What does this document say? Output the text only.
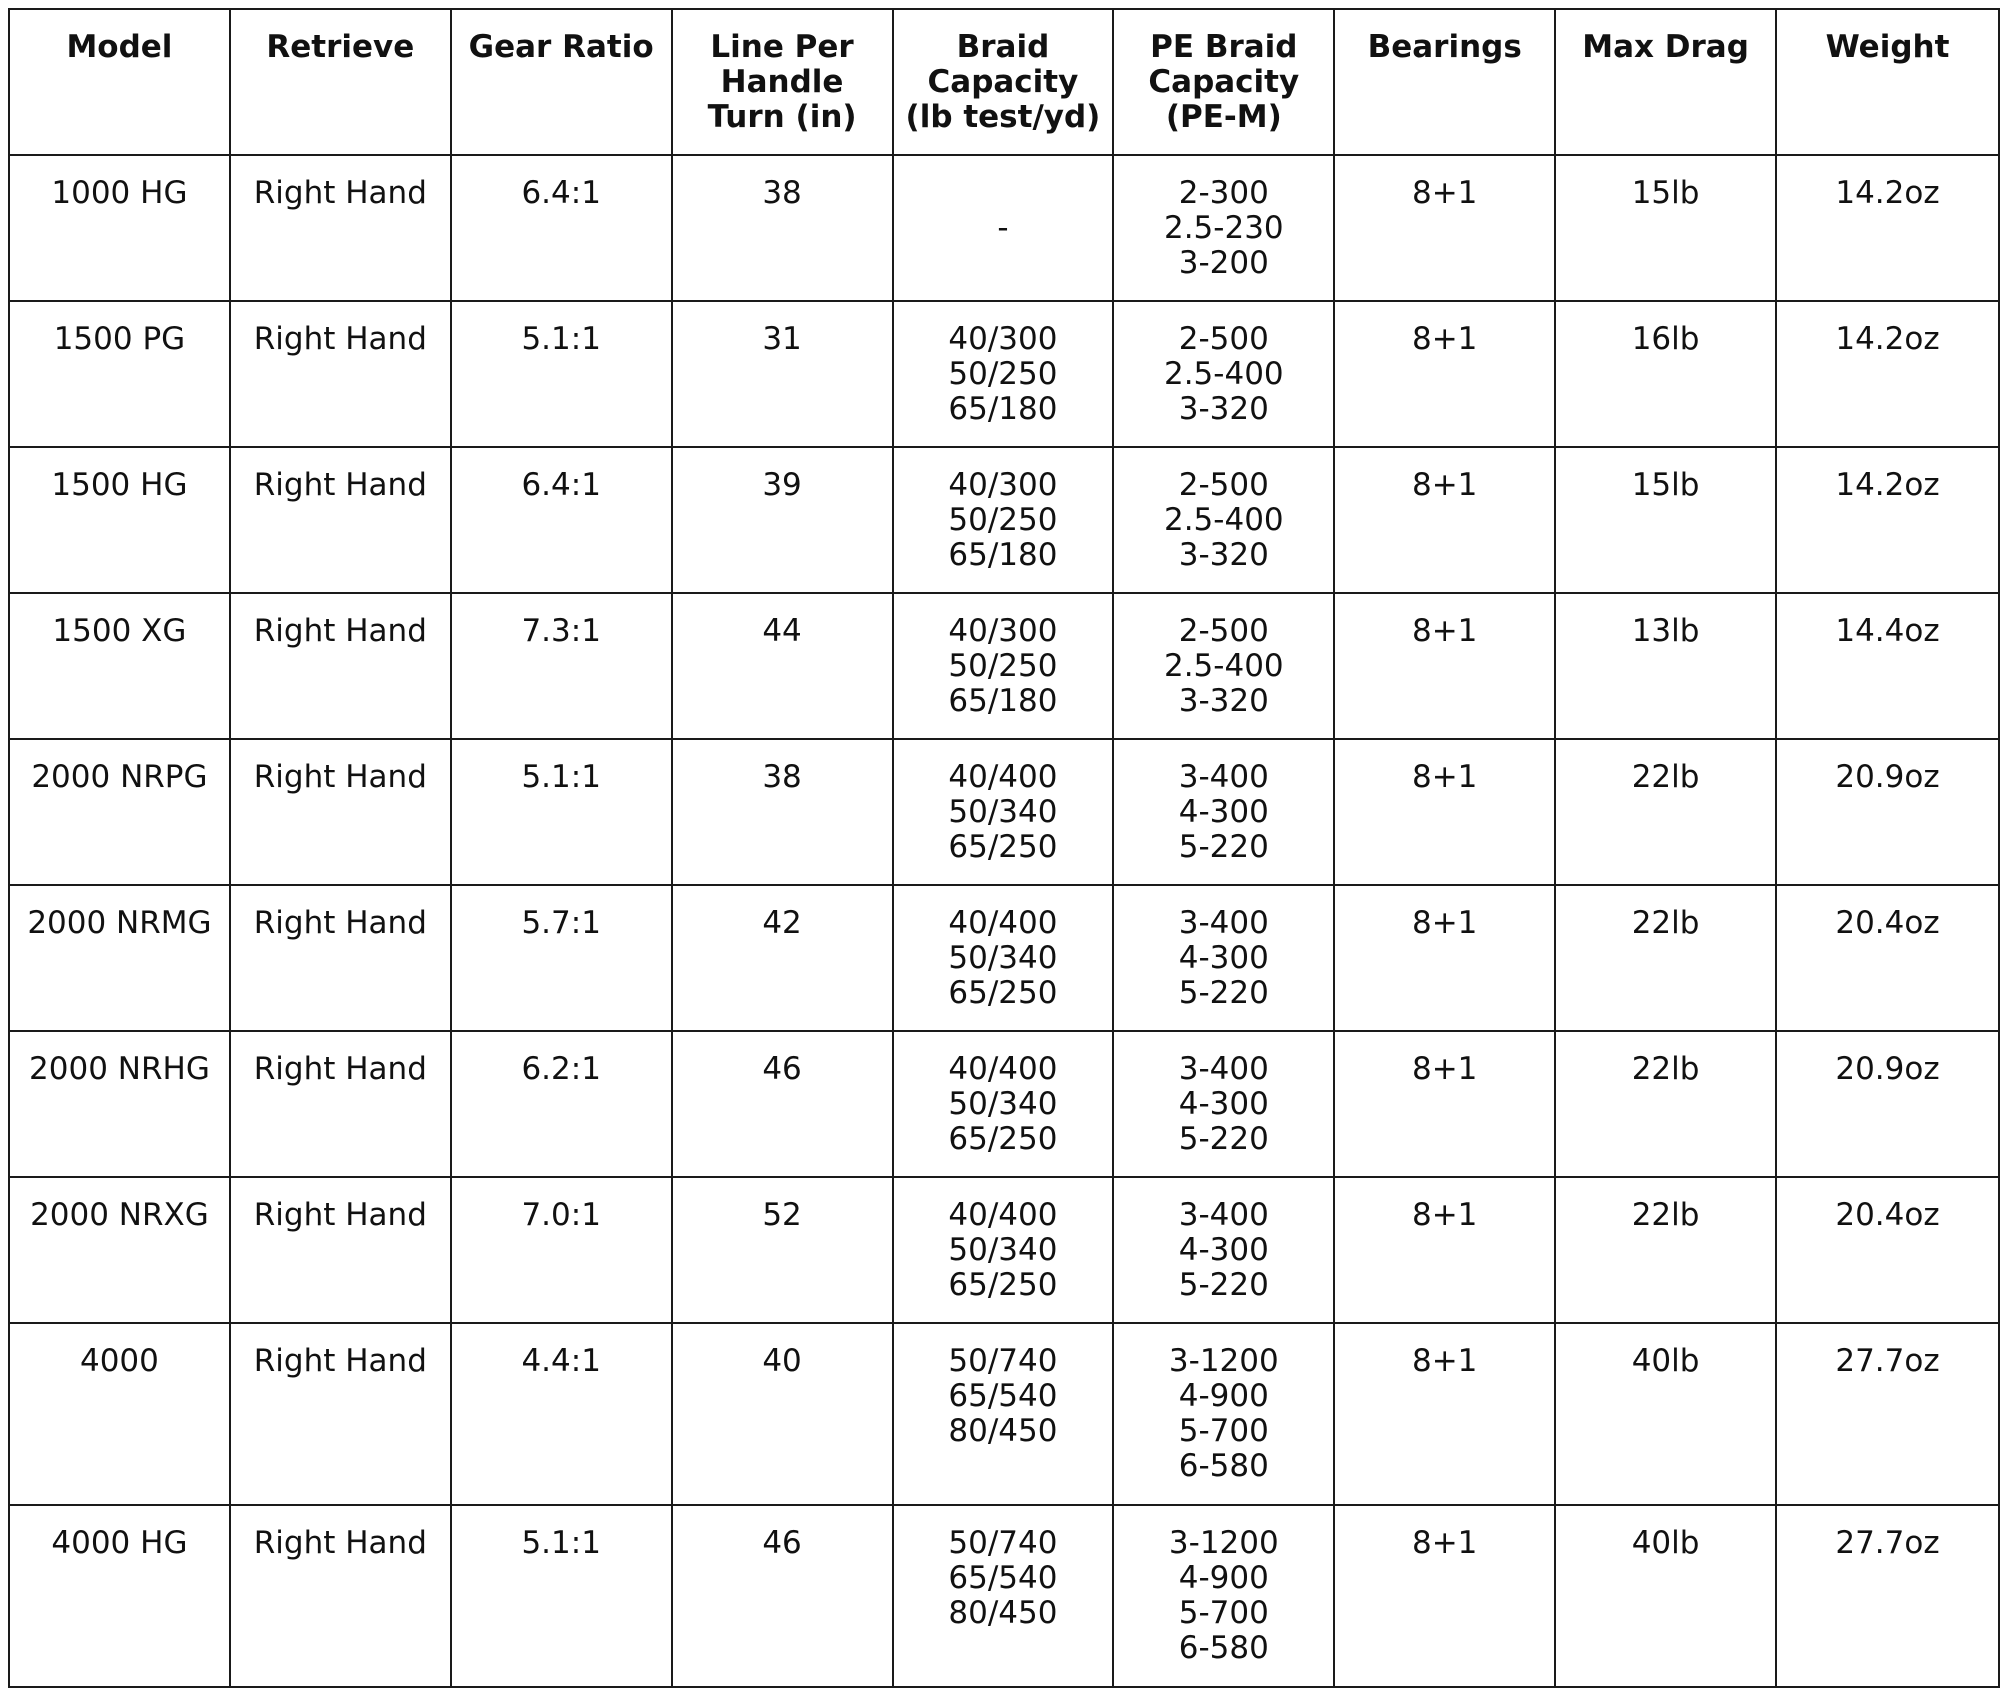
Model	Retrieve	Gear Ratio	Line Per
Handle
Turn (in)	Braid
Capacity
(lb test/yd)	PE Braid
Capacity
(PE-M)	Bearings	Max Drag	Weight

1000 HG	Right Hand	6.4:1	38	-	2-300
2.5-230
3-200	8+1	15lb	14.2oz
1500 PG	Right Hand	5.1:1	31	40/300
50/250
65/180	2-500
2.5-400
3-320	8+1	16lb	14.2oz
1500 HG	Right Hand	6.4:1	39	40/300
50/250
65/180	2-500
2.5-400
3-320	8+1	15lb	14.2oz
1500 XG	Right Hand	7.3:1	44	40/300
50/250
65/180	2-500
2.5-400
3-320	8+1	13lb	14.4oz
2000 NRPG	Right Hand	5.1:1	38	40/400
50/340
65/250	3-400
4-300
5-220	8+1	22lb	20.9oz
2000 NRMG	Right Hand	5.7:1	42	40/400
50/340
65/250	3-400
4-300
5-220	8+1	22lb	20.4oz
2000 NRHG	Right Hand	6.2:1	46	40/400
50/340
65/250	3-400
4-300
5-220	8+1	22lb	20.9oz
2000 NRXG	Right Hand	7.0:1	52	40/400
50/340
65/250	3-400
4-300
5-220	8+1	22lb	20.4oz
4000	Right Hand	4.4:1	40	50/740
65/540
80/450	3-1200
4-900
5-700
6-580	8+1	40lb	27.7oz
4000 HG	Right Hand	5.1:1	46	50/740
65/540
80/450	3-1200
4-900
5-700
6-580	8+1	40lb	27.7oz
